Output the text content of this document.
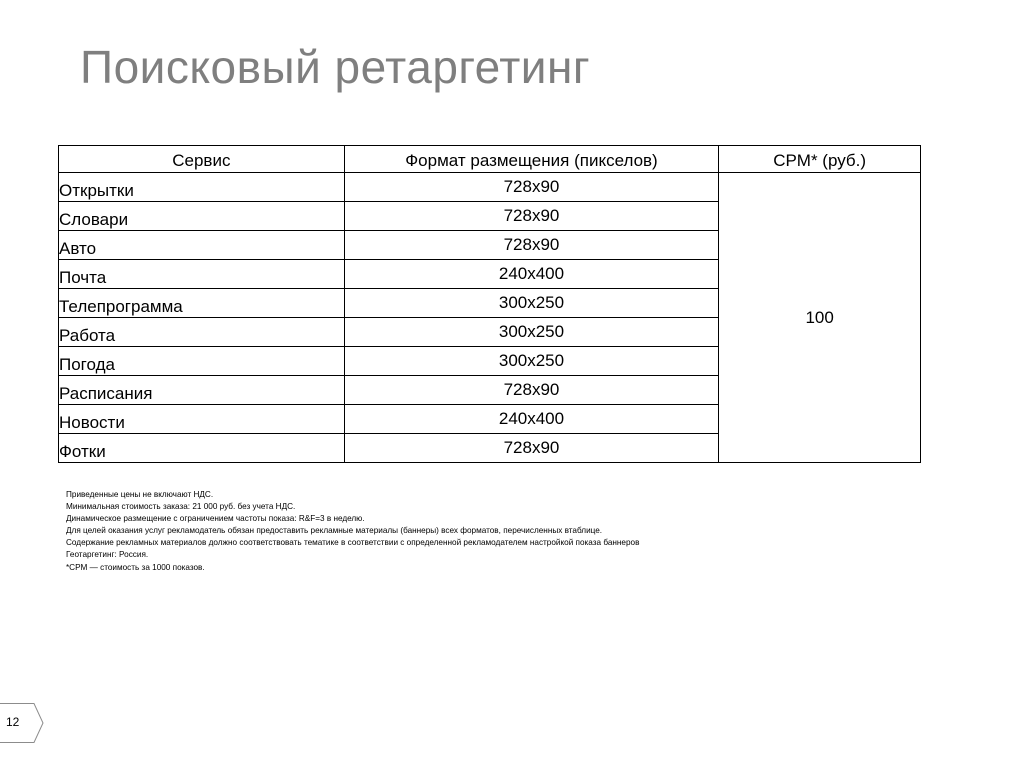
Поисковый ретаргетинг
Сервис	Формат размещения (пикселов)	CPM* (руб.)
Открытки	728x90	100
Словари	728x90	
Авто	728x90	
Почта	240x400	
Телепрограмма	300x250	
Работа	300x250	
Погода	300x250	
Расписания	728x90	
Новости	240x400	
Фотки	728x90	
Приведенные цены не включают НДС.
Минимальная стоимость заказа: 21 000 руб. без учета НДС.
Динамическое размещение с ограничением частоты показа: R&F=3 в неделю.
Для целей оказания услуг рекламодатель обязан предоставить рекламные материалы (баннеры) всех форматов, перечисленных втаблице.
Содержание рекламных материалов должно соответствовать тематике в соответствии с определенной рекламодателем настройкой показа баннеров
Геотаргетинг: Россия.
*CPM — стоимость за 1000 показов.
12
